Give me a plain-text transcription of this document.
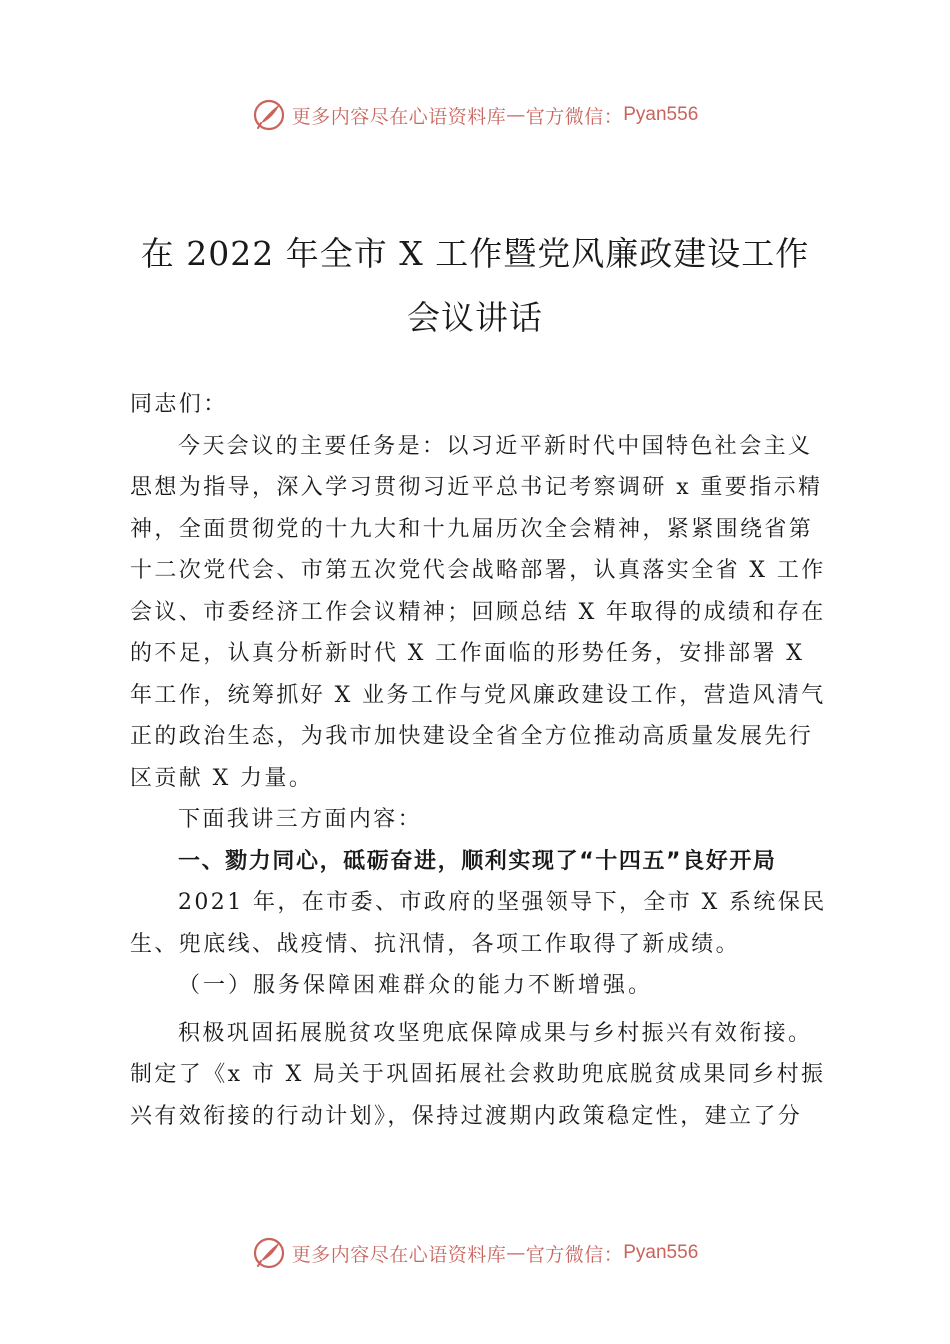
更多内容尽在心语资料库 — 官方微信： Pyan556
在 2022 年全市 X 工作暨党风廉政建设工作
会议讲话
同志们：
今天会议的主要任务是：以习近平新时代中国特色社会主义
思想为指导，深入学习贯彻习近平总书记考察调研 x 重要指示精
神，全面贯彻党的十九大和十九届历次全会精神，紧紧围绕省第
十二次党代会、市第五次党代会战略部署，认真落实全省 X 工作
会议、市委经济工作会议精神；回顾总结 X 年取得的成绩和存在
的不足，认真分析新时代 X 工作面临的形势任务，安排部署 X
年工作，统筹抓好 X 业务工作与党风廉政建设工作，营造风清气
正的政治生态，为我市加快建设全省全方位推动高质量发展先行
区贡献 X 力量。
下面我讲三方面内容：
一、勠力同心，砥砺奋进，顺利实现了“十四五”良好开局
2021 年，在市委、市政府的坚强领导下，全市 X 系统保民
生、兜底线、战疫情、抗汛情，各项工作取得了新成绩。
（一）服务保障困难群众的能力不断增强。
积极巩固拓展脱贫攻坚兜底保障成果与乡村振兴有效衔接。
制定了《x 市 X 局关于巩固拓展社会救助兜底脱贫成果同乡村振
兴有效衔接的行动计划》，保持过渡期内政策稳定性，建立了分
更多内容尽在心语资料库 — 官方微信： Pyan556
